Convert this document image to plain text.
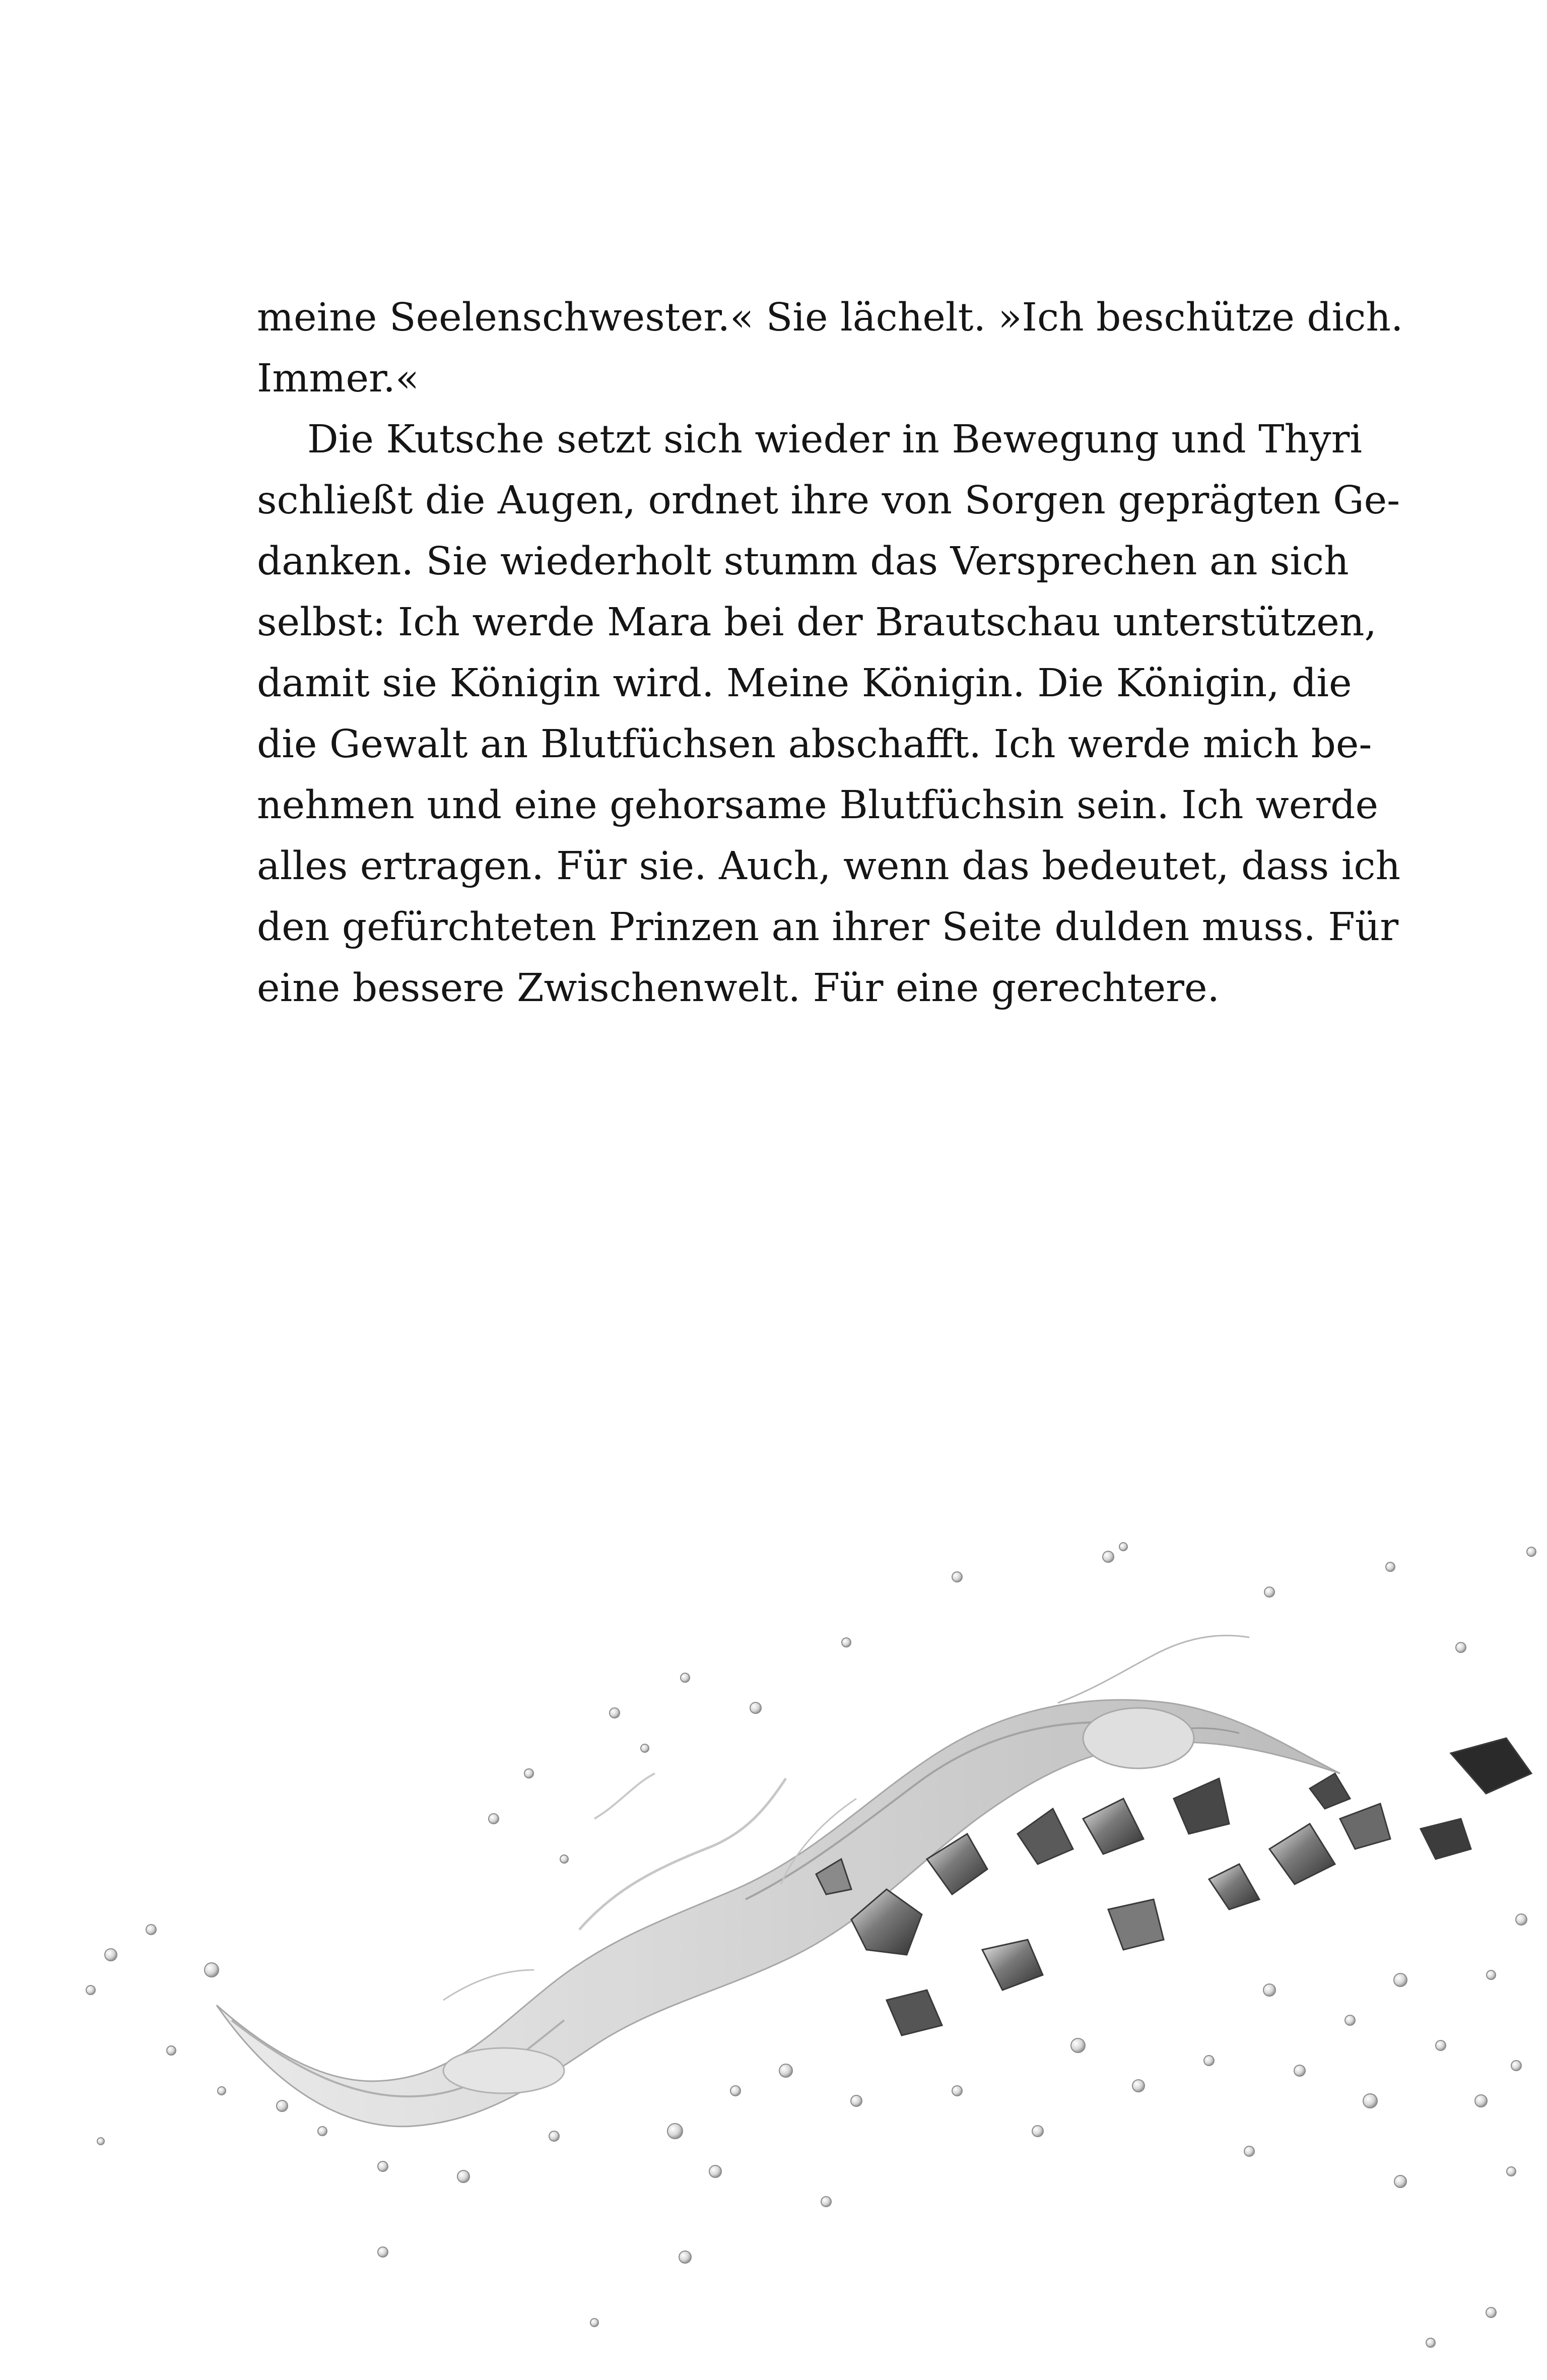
meine Seelenschwester.« Sie lächelt. »Ich beschütze dich.
Immer.«
Die Kutsche setzt sich wieder in Bewegung und Thyri
schließt die Augen, ordnet ihre von Sorgen geprägten Ge-
danken. Sie wiederholt stumm das Versprechen an sich
selbst: Ich werde Mara bei der Brautschau unterstützen,
damit sie Königin wird. Meine Königin. Die Königin, die
die Gewalt an Blutfüchsen abschafft. Ich werde mich be-
nehmen und eine gehorsame Blutfüchsin sein. Ich werde
alles ertragen. Für sie. Auch, wenn das bedeutet, dass ich
den gefürchteten Prinzen an ihrer Seite dulden muss. Für
eine bessere Zwischenwelt. Für eine gerechtere.
